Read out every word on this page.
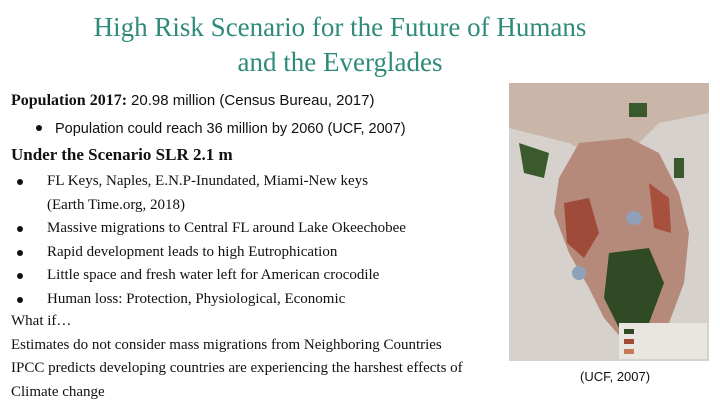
High Risk Scenario for the Future of Humans
and the Everglades
Population 2017: 20.98 million (Census Bureau, 2017)
Population could reach 36 million by 2060 (UCF, 2007)
Under the Scenario SLR 2.1 m
FL Keys, Naples, E.N.P-Inundated, Miami-New keys
(Earth Time.org, 2018)
Massive migrations to Central FL around Lake Okeechobee
Rapid development leads to high Eutrophication
Little space and fresh water left for American crocodile
Human loss: Protection, Physiological, Economic
What if…
Estimates do not consider mass migrations from Neighboring Countries
IPCC predicts developing countries are experiencing the harshest effects of
Climate change
(UCF, 2007)
